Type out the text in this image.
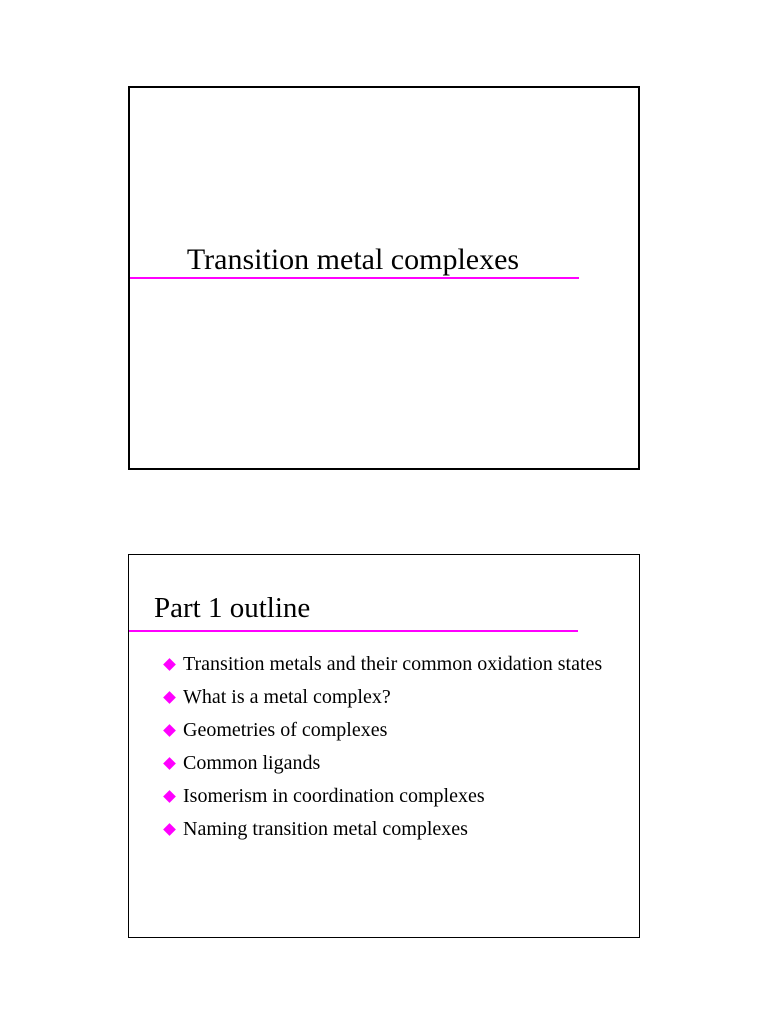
Transition metal complexes
Part 1 outline
Transition metals and their common oxidation states
What is a metal complex?
Geometries of complexes
Common ligands
Isomerism in coordination complexes
Naming transition metal complexes
